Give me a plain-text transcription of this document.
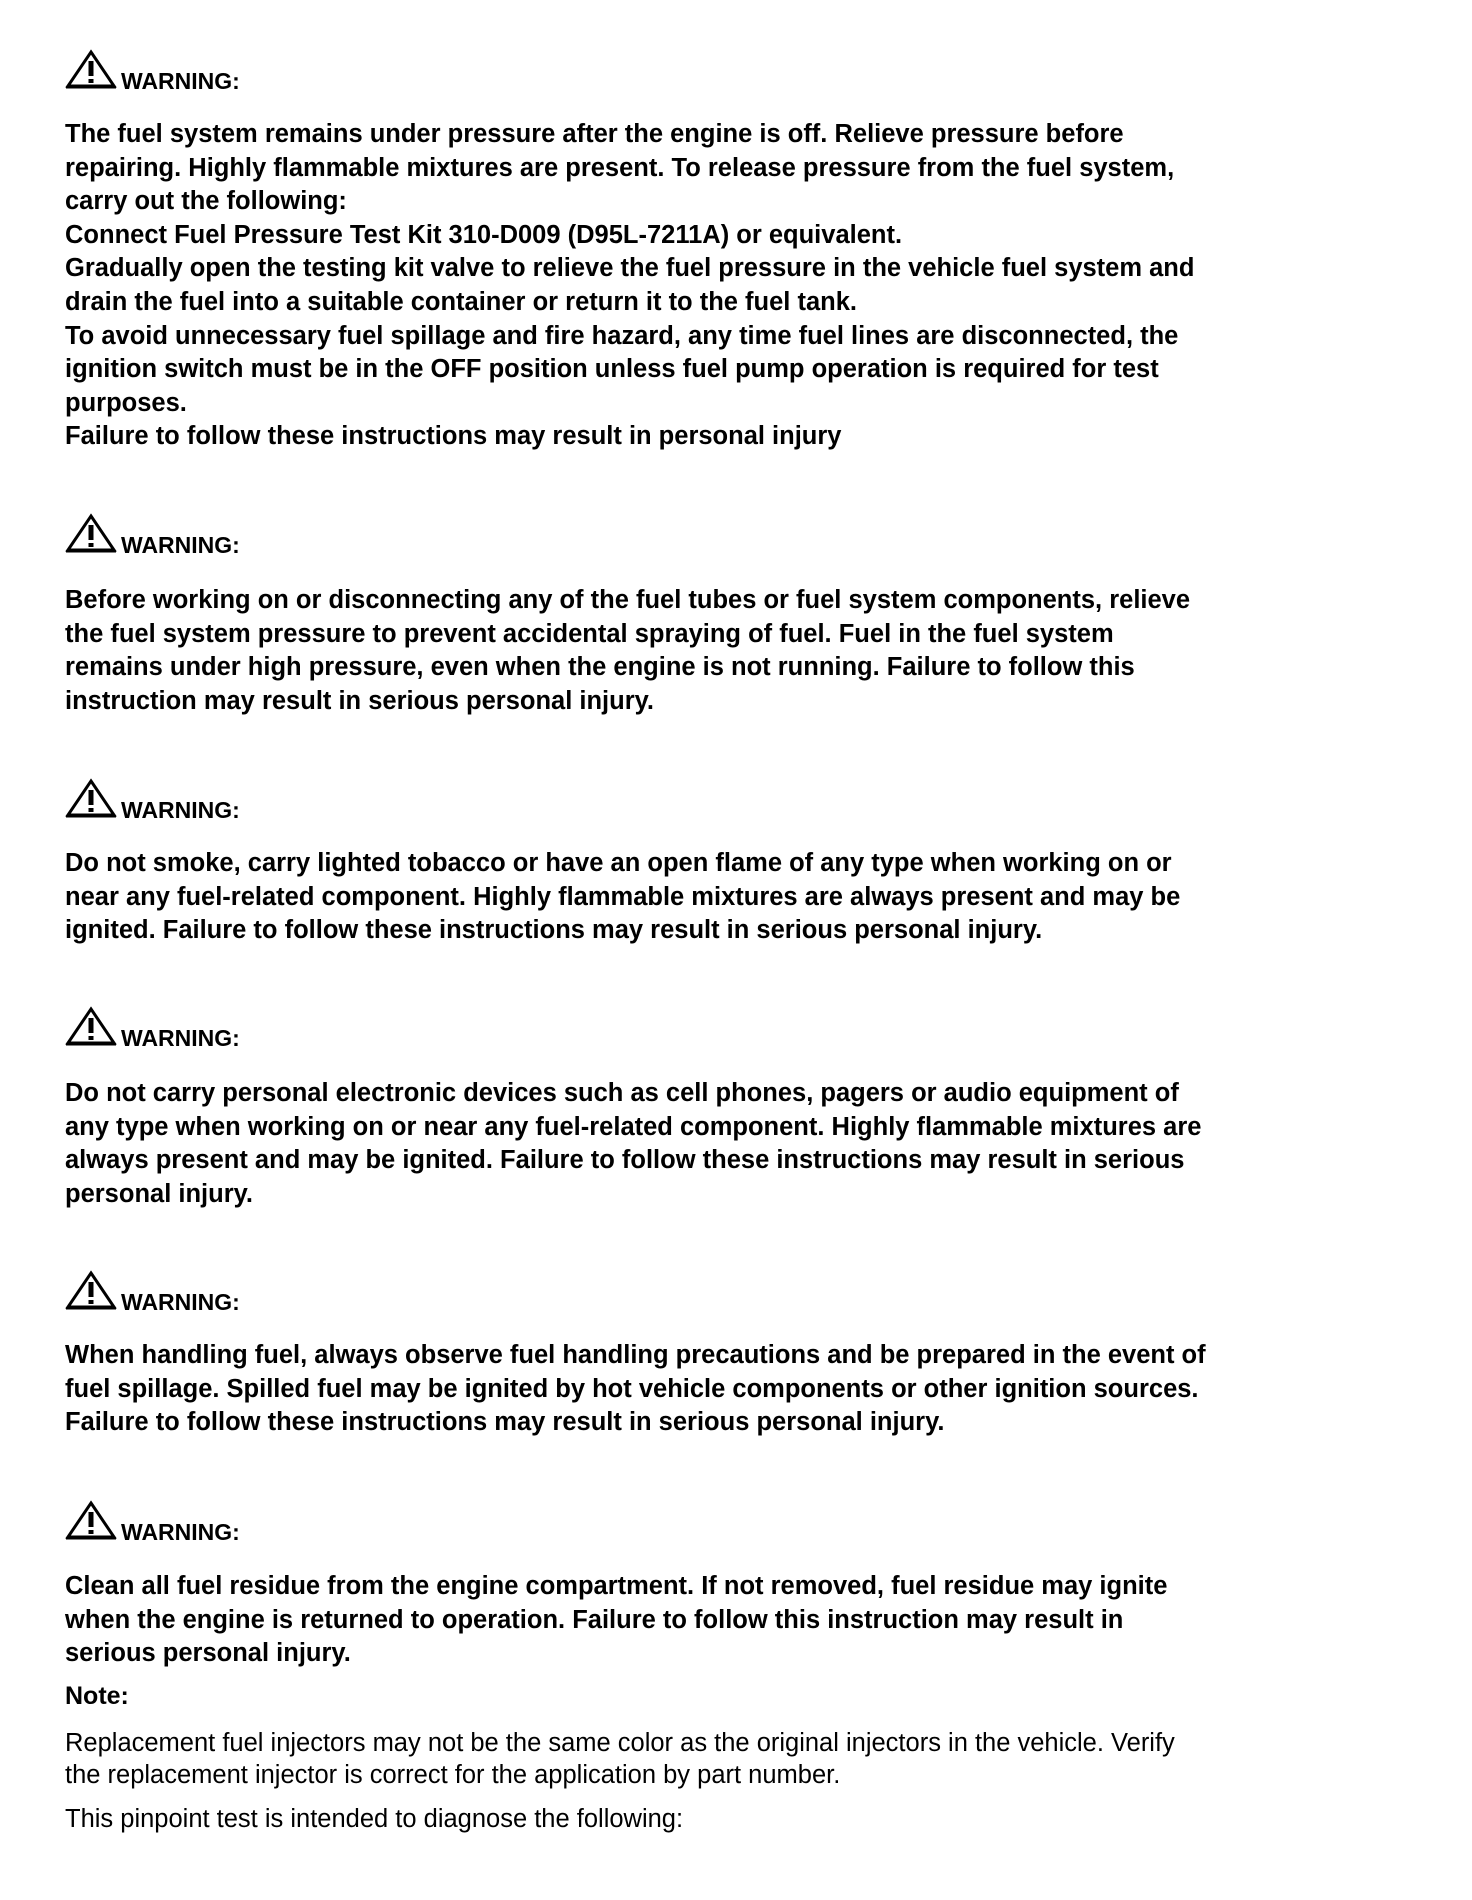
WARNING:
The fuel system remains under pressure after the engine is off. Relieve pressure before
repairing. Highly flammable mixtures are present. To release pressure from the fuel system,
carry out the following:
Connect Fuel Pressure Test Kit 310-D009 (D95L-7211A) or equivalent.
Gradually open the testing kit valve to relieve the fuel pressure in the vehicle fuel system and
drain the fuel into a suitable container or return it to the fuel tank.
To avoid unnecessary fuel spillage and fire hazard, any time fuel lines are disconnected, the
ignition switch must be in the OFF position unless fuel pump operation is required for test
purposes.
Failure to follow these instructions may result in personal injury
WARNING:
Before working on or disconnecting any of the fuel tubes or fuel system components, relieve
the fuel system pressure to prevent accidental spraying of fuel. Fuel in the fuel system
remains under high pressure, even when the engine is not running. Failure to follow this
instruction may result in serious personal injury.
WARNING:
Do not smoke, carry lighted tobacco or have an open flame of any type when working on or
near any fuel-related component. Highly flammable mixtures are always present and may be
ignited. Failure to follow these instructions may result in serious personal injury.
WARNING:
Do not carry personal electronic devices such as cell phones, pagers or audio equipment of
any type when working on or near any fuel-related component. Highly flammable mixtures are
always present and may be ignited. Failure to follow these instructions may result in serious
personal injury.
WARNING:
When handling fuel, always observe fuel handling precautions and be prepared in the event of
fuel spillage. Spilled fuel may be ignited by hot vehicle components or other ignition sources.
Failure to follow these instructions may result in serious personal injury.
WARNING:
Clean all fuel residue from the engine compartment. If not removed, fuel residue may ignite
when the engine is returned to operation. Failure to follow this instruction may result in
serious personal injury.
Note:
Replacement fuel injectors may not be the same color as the original injectors in the vehicle. Verify
the replacement injector is correct for the application by part number.
This pinpoint test is intended to diagnose the following:
